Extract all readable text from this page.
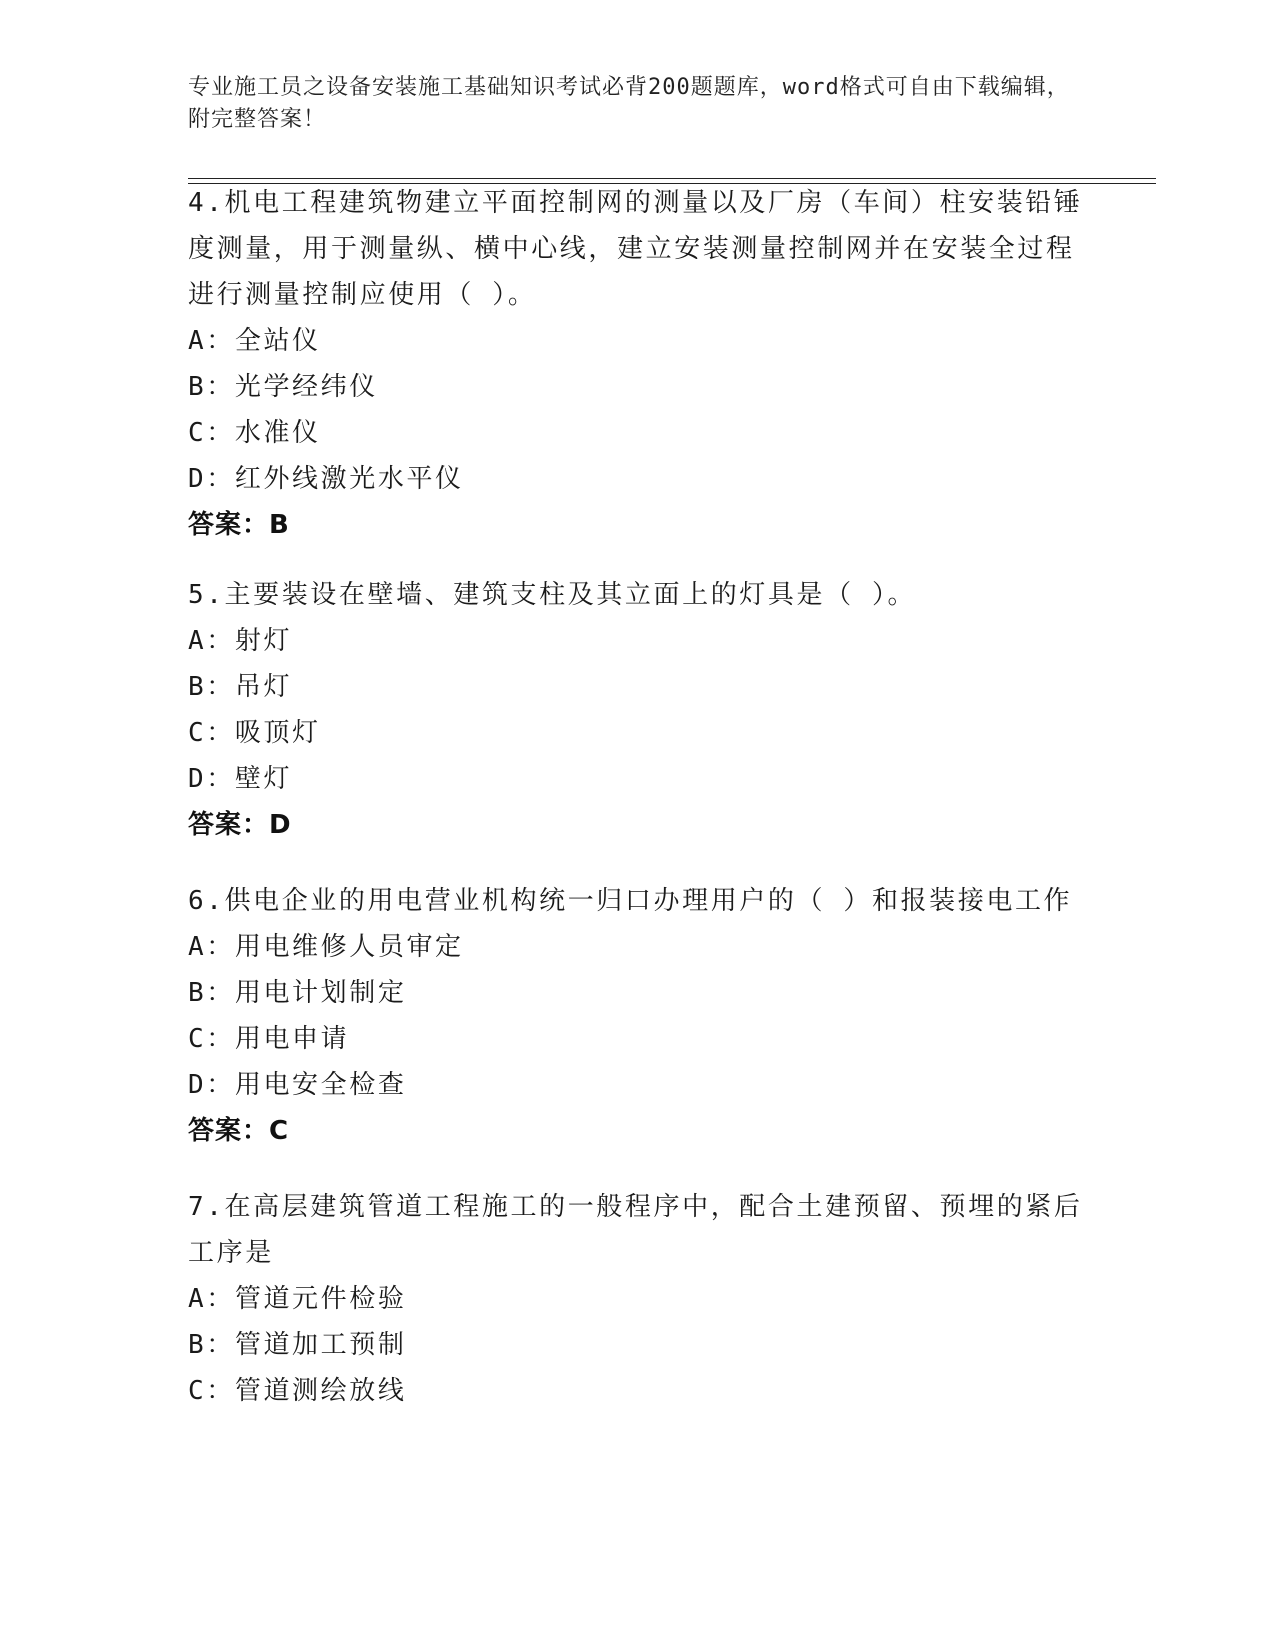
专业施工员之设备安装施工基础知识考试必背200题题库，word格式可自由下载编辑，附完整答案！

4.机电工程建筑物建立平面控制网的测量以及厂房（车间）柱安装铅锤度测量，用于测量纵、横中心线，建立安装测量控制网并在安装全过程进行测量控制应使用（ ）。

A：全站仪

B：光学经纬仪

C：水准仪

D：红外线激光水平仪

答案：B

5.主要装设在壁墙、建筑支柱及其立面上的灯具是（ ）。

A：射灯

B：吊灯

C：吸顶灯

D：壁灯

答案：D

6.供电企业的用电营业机构统一归口办理用户的（ ）和报装接电工作

A：用电维修人员审定

B：用电计划制定

C：用电申请

D：用电安全检查

答案：C

7.在高层建筑管道工程施工的一般程序中，配合土建预留、预埋的紧后工序是

A：管道元件检验

B：管道加工预制

C：管道测绘放线
